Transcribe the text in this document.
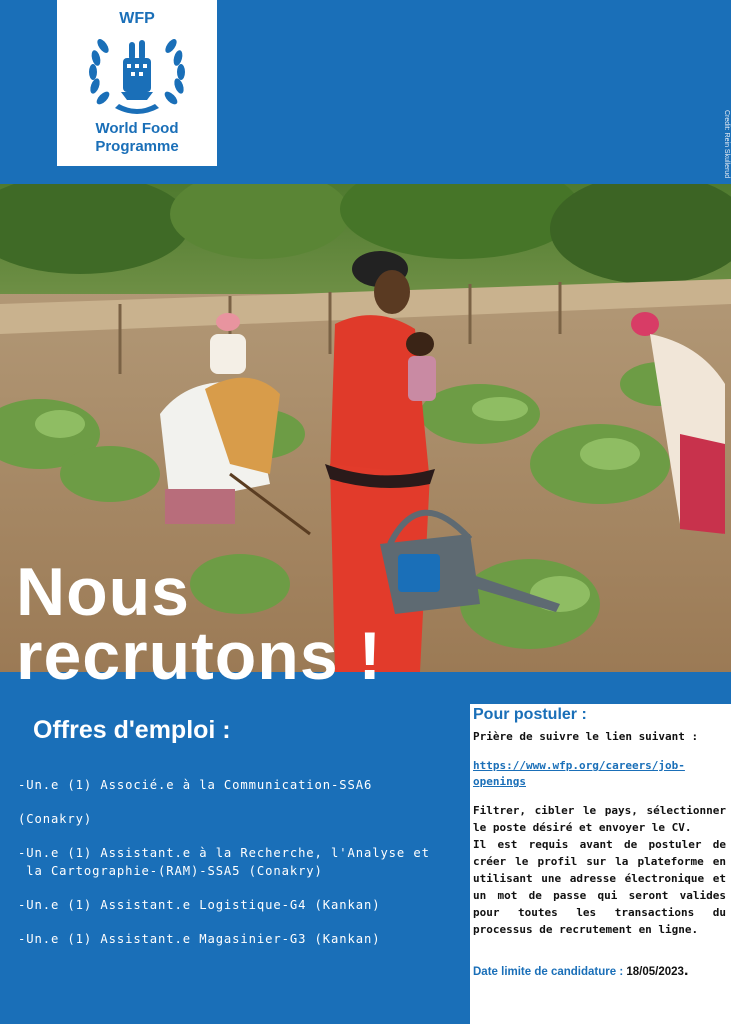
WFP
World Food
Programme	Credit: Rein Skullerud
Nous
recrutons !
Offres d'emploi :
-Un.e (1) Associé.e à la Communication-SSA6
(Conakry)
-Un.e (1) Assistant.e à la Recherche, l'Analyse et
la Cartographie-(RAM)-SSA5 (Conakry)
-Un.e (1) Assistant.e Logistique-G4 (Kankan)
-Un.e (1) Assistant.e Magasinier-G3 (Kankan)
Pour postuler :
Prière de suivre le lien suivant :
https://www.wfp.org/careers/job-openings

Filtrer, cibler le pays, sélectionner le poste désiré et envoyer le CV.

Il est requis avant de postuler de créer le profil sur la plateforme en utilisant une adresse électronique et un mot de passe qui seront valides pour toutes les transactions du processus de recrutement en ligne.

Date limite de candidature : 18/05/2023.
